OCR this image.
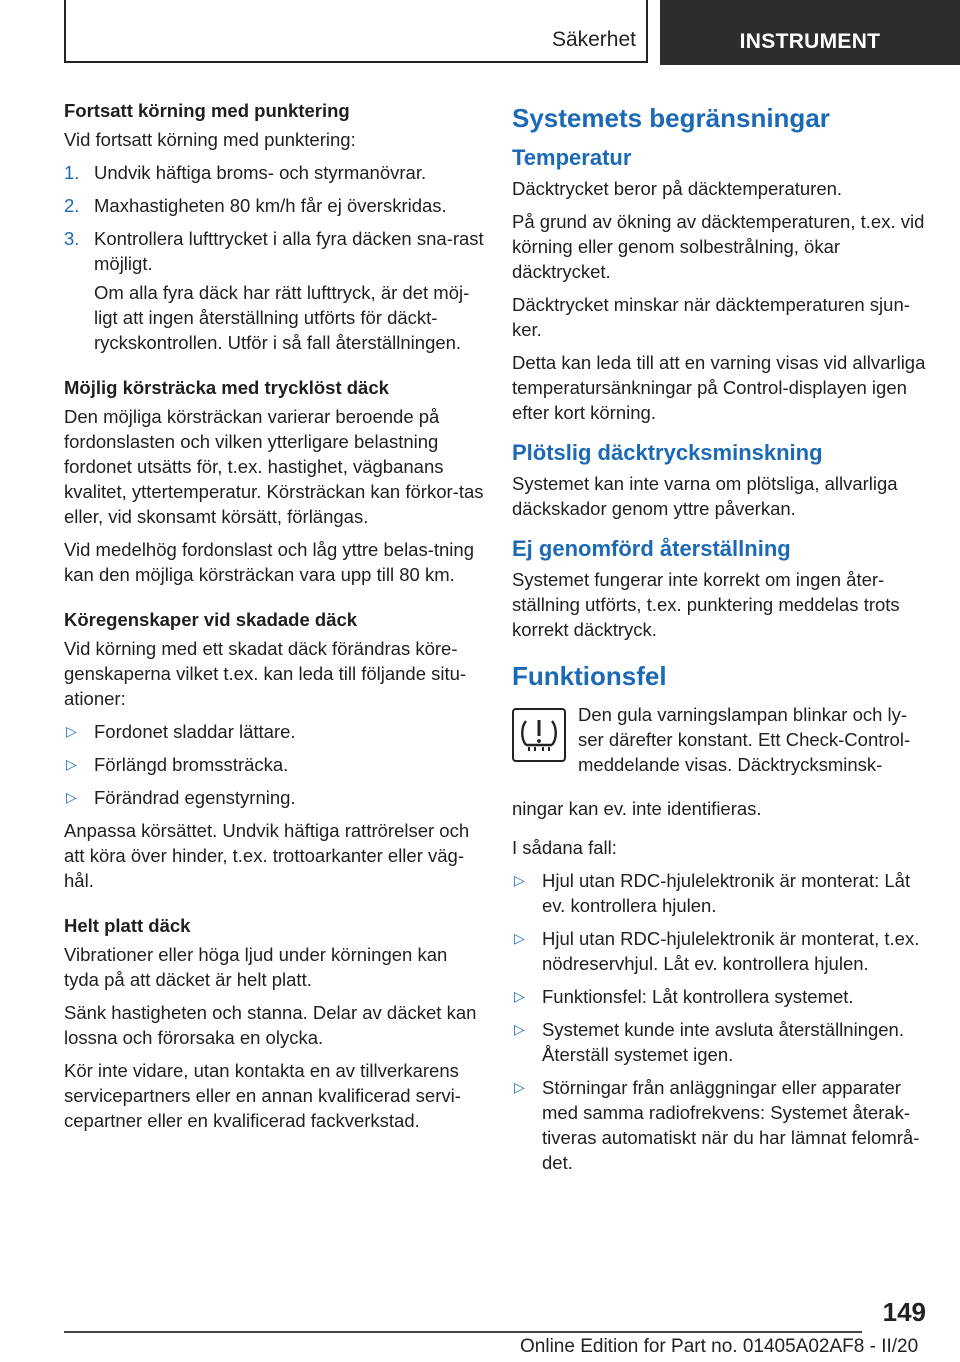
Säkerhet	INSTRUMENT

Fortsatt körning med punktering

Vid fortsatt körning med punktering:

1. Undvik häftiga broms- och styrmanövrar.
2. Maxhastigheten 80 km/h får ej överskridas.
3. Kontrollera lufttrycket i alla fyra däcken sna-rast möjligt.

Om alla fyra däck har rätt lufttryck, är det möj-ligt att ingen återställning utförts för däckt-ryckskontrollen. Utför i så fall återställningen.

Möjlig körsträcka med trycklöst däck

Den möjliga körsträckan varierar beroende på fordonslasten och vilken ytterligare belastning fordonet utsätts för, t.ex. hastighet, vägbanans kvalitet, yttertemperatur. Körsträckan kan förkor-tas eller, vid skonsamt körsätt, förlängas.

Vid medelhög fordonslast och låg yttre belas-tning kan den möjliga körsträckan vara upp till 80 km.

Köregenskaper vid skadade däck

Vid körning med ett skadat däck förändras köre-genskaperna vilket t.ex. kan leda till följande situ-ationer:

▷ Fordonet sladdar lättare.
▷ Förlängd bromssträcka.
▷ Förändrad egenstyrning.

Anpassa körsättet. Undvik häftiga rattrörelser och att köra över hinder, t.ex. trottoarkanter eller väg-hål.

Helt platt däck

Vibrationer eller höga ljud under körningen kan tyda på att däcket är helt platt.

Sänk hastigheten och stanna. Delar av däcket kan lossna och förorsaka en olycka.

Kör inte vidare, utan kontakta en av tillverkarens servicepartners eller en annan kvalificerad servi-cepartner eller en kvalificerad fackverkstad.

Systemets begränsningar
Temperatur

Däcktrycket beror på däcktemperaturen.

På grund av ökning av däcktemperaturen, t.ex. vid körning eller genom solbestrålning, ökar däcktrycket.

Däcktrycket minskar när däcktemperaturen sjun-ker.

Detta kan leda till att en varning visas vid allvarliga temperatursänkningar på Control-displayen igen efter kort körning.

Plötslig däcktrycksminskning

Systemet kan inte varna om plötsliga, allvarliga däckskador genom yttre påverkan.

Ej genomförd återställning

Systemet fungerar inte korrekt om ingen åter-ställning utförts, t.ex. punktering meddelas trots korrekt däcktryck.

Funktionsfel

Den gula varningslampan blinkar och ly-ser därefter konstant. Ett Check-Control-meddelande visas. Däcktrycksminsk-

ningar kan ev. inte identifieras.

I sådana fall:

▷ Hjul utan RDC-hjulelektronik är monterat: Låt ev. kontrollera hjulen.
▷ Hjul utan RDC-hjulelektronik är monterat, t.ex. nödreservhjul. Låt ev. kontrollera hjulen.
▷ Funktionsfel: Låt kontrollera systemet.
▷ Systemet kunde inte avsluta återställningen. Återställ systemet igen.
▷ Störningar från anläggningar eller apparater med samma radiofrekvens: Systemet återak-tiveras automatiskt när du har lämnat felområ-det.
149
Online Edition for Part no. 01405A02AF8 - II/20
